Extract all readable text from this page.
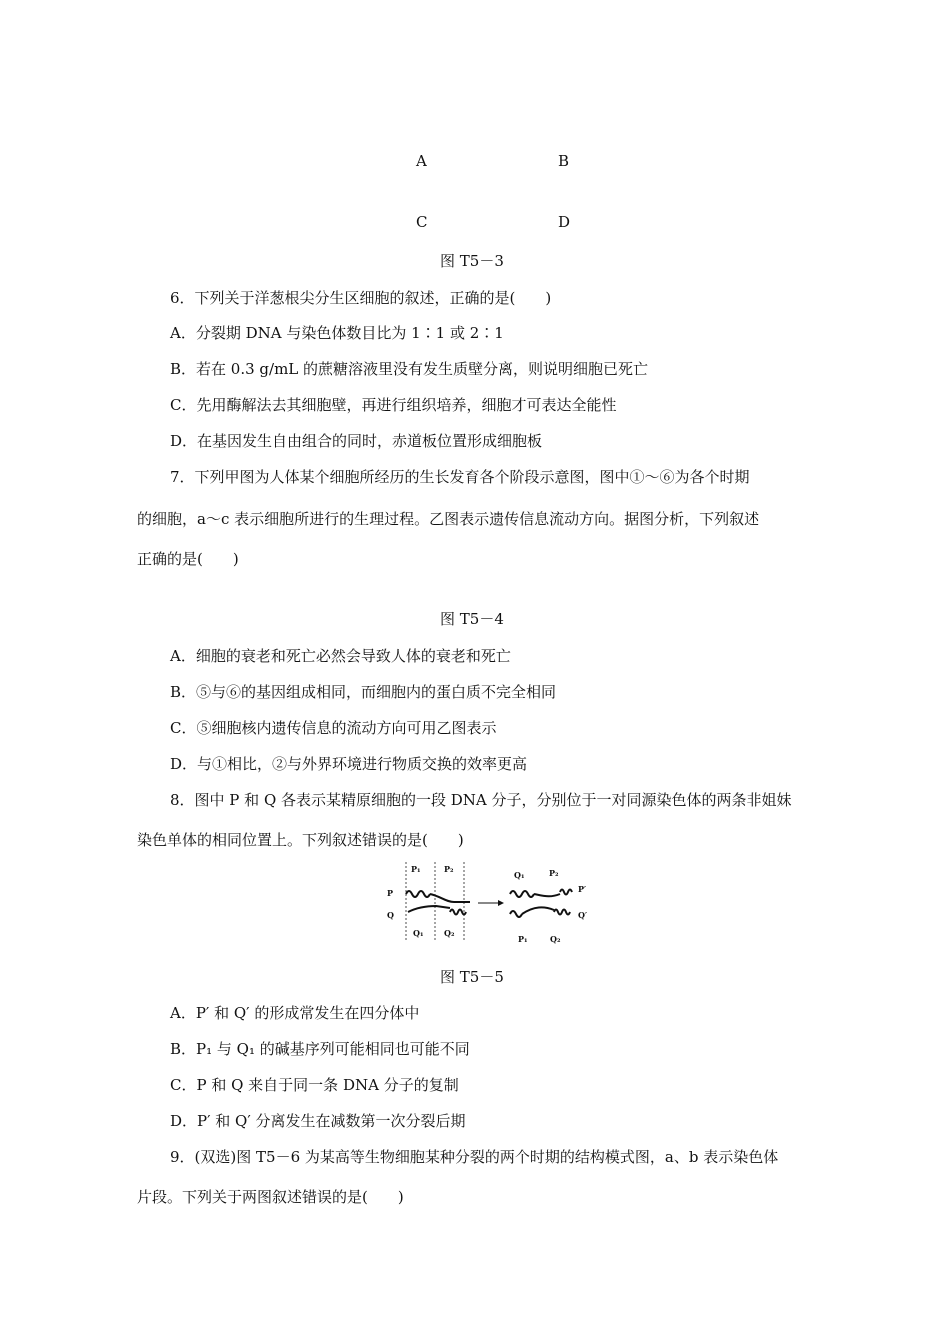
A	B
C	D
图 T5－3
6．下列关于洋葱根尖分生区细胞的叙述，正确的是(　　)
A．分裂期 DNA 与染色体数目比为 1∶1 或 2∶1
B．若在 0.3 g/mL 的蔗糖溶液里没有发生质壁分离，则说明细胞已死亡
C．先用酶解法去其细胞壁，再进行组织培养，细胞才可表达全能性
D．在基因发生自由组合的同时，赤道板位置形成细胞板
7．下列甲图为人体某个细胞所经历的生长发育各个阶段示意图，图中①～⑥为各个时期
的细胞，a～c 表示细胞所进行的生理过程。乙图表示遗传信息流动方向。据图分析，下列叙述
正确的是(　　)
图 T5－4
A．细胞的衰老和死亡必然会导致人体的衰老和死亡
B．⑤与⑥的基因组成相同，而细胞内的蛋白质不完全相同
C．⑤细胞核内遗传信息的流动方向可用乙图表示
D．与①相比，②与外界环境进行物质交换的效率更高
8．图中 P 和 Q 各表示某精原细胞的一段 DNA 分子，分别位于一对同源染色体的两条非姐妹
染色单体的相同位置上。下列叙述错误的是(　　)
P
Q
P₁	P₂
Q₁	Q₂
Q₁	P₂
P′
Q′
P₁	Q₂
图 T5－5
A．P′ 和 Q′ 的形成常发生在四分体中
B．P₁ 与 Q₁ 的碱基序列可能相同也可能不同
C．P 和 Q 来自于同一条 DNA 分子的复制
D．P′ 和 Q′ 分离发生在减数第一次分裂后期
9．(双选)图 T5－6 为某高等生物细胞某种分裂的两个时期的结构模式图，a、b 表示染色体
片段。下列关于两图叙述错误的是(　　)
